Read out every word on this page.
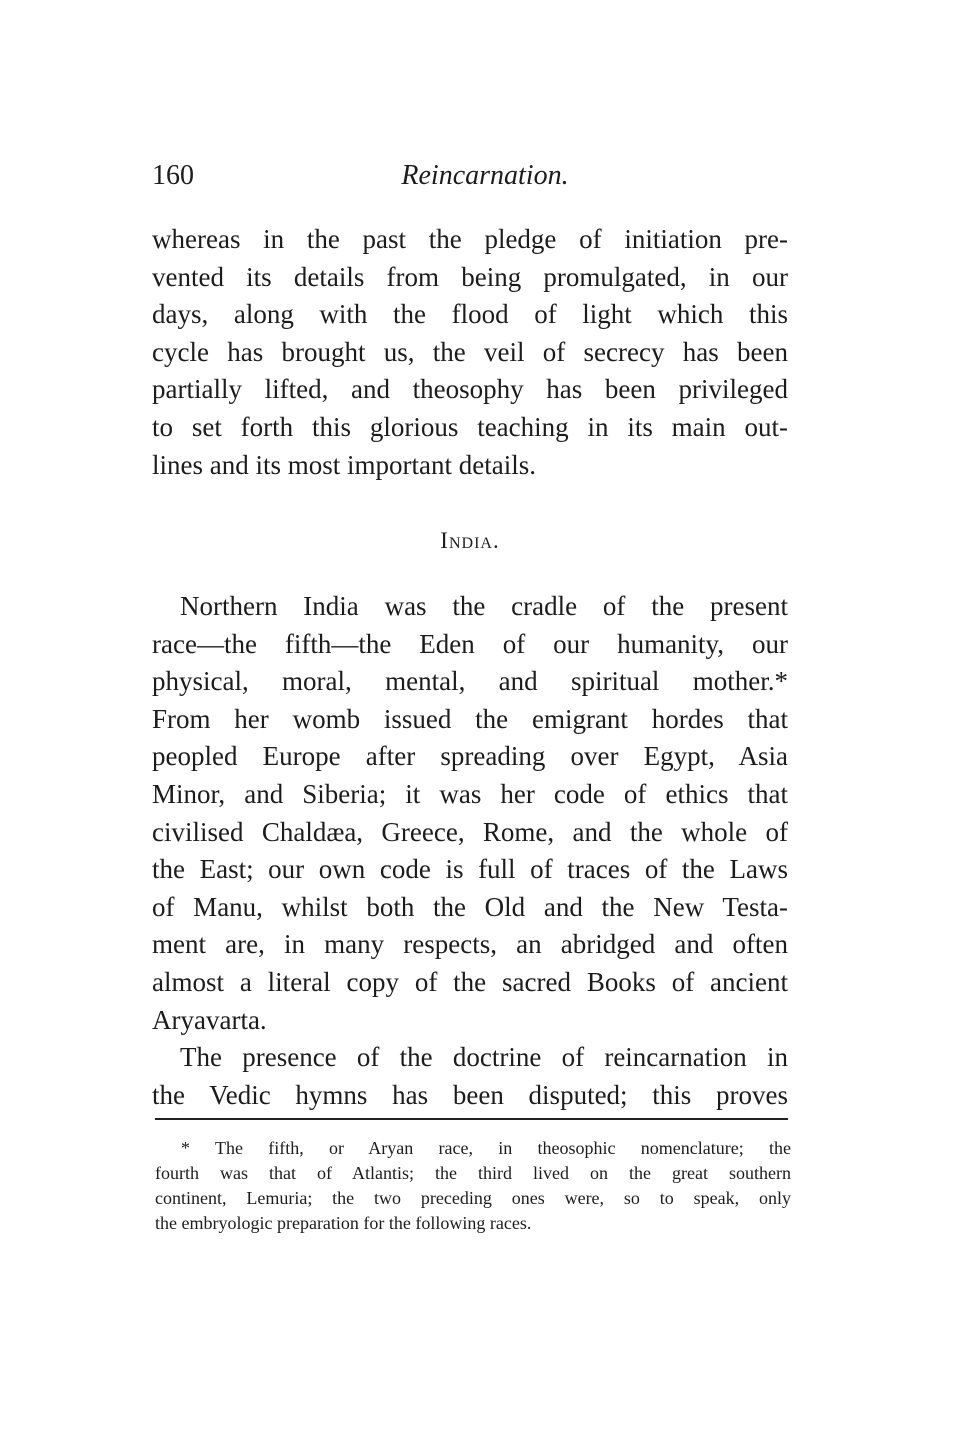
160	Reincarnation.
whereas in the past the pledge of initiation pre-
vented its details from being promulgated, in our
days, along with the flood of light which this
cycle has brought us, the veil of secrecy has been
partially lifted, and theosophy has been privileged
to set forth this glorious teaching in its main out-
lines and its most important details.
India.
Northern India was the cradle of the present
race—the fifth—the Eden of our humanity, our
physical, moral, mental, and spiritual mother.*
From her womb issued the emigrant hordes that
peopled Europe after spreading over Egypt, Asia
Minor, and Siberia; it was her code of ethics that
civilised Chaldæa, Greece, Rome, and the whole of
the East; our own code is full of traces of the Laws
of Manu, whilst both the Old and the New Testa-
ment are, in many respects, an abridged and often
almost a literal copy of the sacred Books of ancient
Aryavarta.
The presence of the doctrine of reincarnation in
the Vedic hymns has been disputed; this proves
* The fifth, or Aryan race, in theosophic nomenclature; the
fourth was that of Atlantis; the third lived on the great southern
continent, Lemuria; the two preceding ones were, so to speak, only
the embryologic preparation for the following races.
